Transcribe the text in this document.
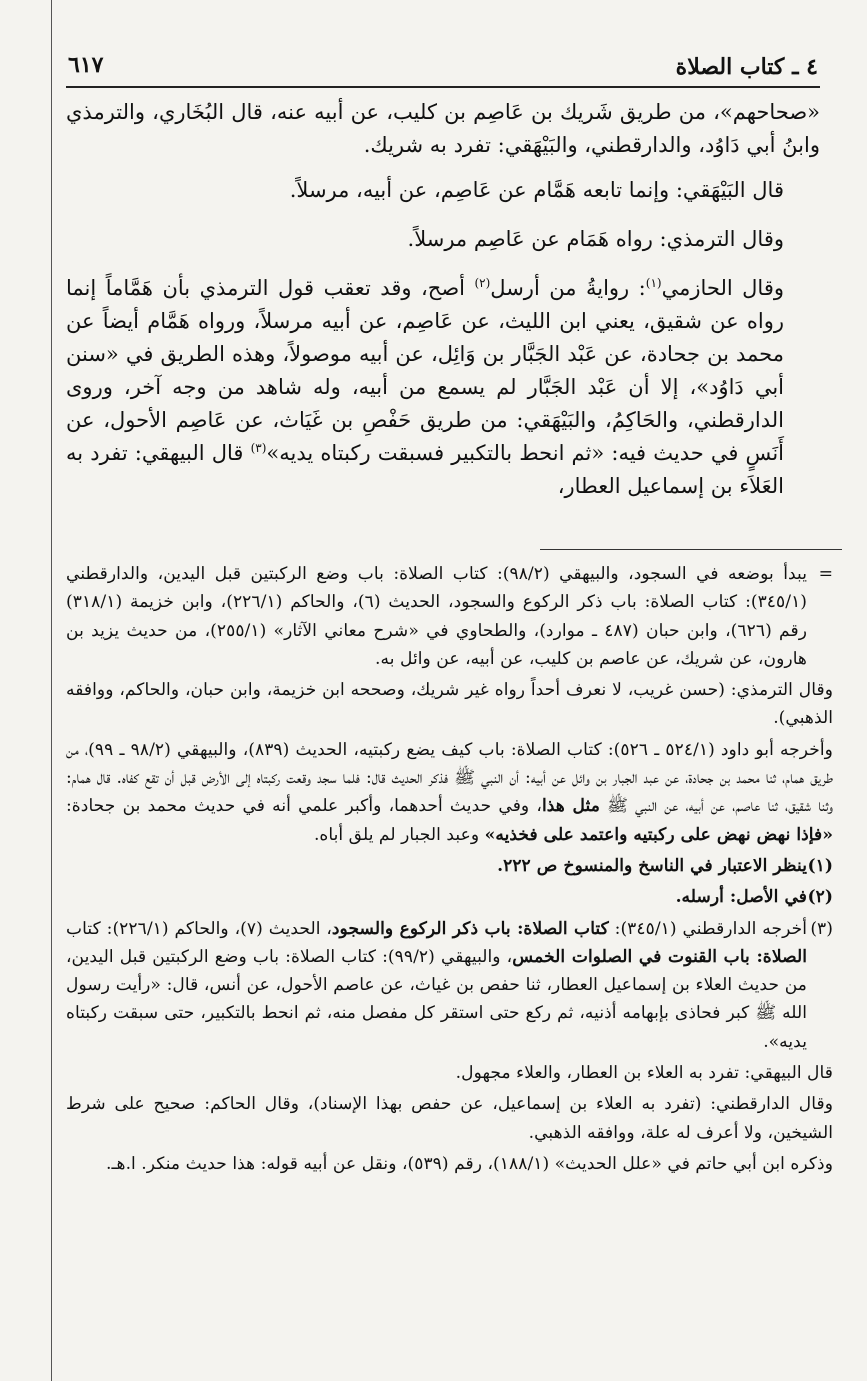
٤ ـ كتاب الصلاة
٦١٧

«صحاحهم»، من طريق شَريك بن عَاصِم بن كليب، عن أبيه عنه، قال البُخَاري، والترمذي وابنُ أبي دَاوُد، والدارقطني، والبَيْهَقي: تفرد به شريك.

قال البَيْهَقي: وإنما تابعه هَمَّام عن عَاصِم، عن أبيه، مرسلاً.

وقال الترمذي: رواه هَمَام عن عَاصِم مرسلاً.

وقال الحازمي$^{(١)}$: روايةُ من أرسل$^{(٢)}$ أصح، وقد تعقب قول الترمذي بأن هَمَّاماً إنما رواه عن شقيق، يعني ابن الليث، عن عَاصِم، عن أبيه مرسلاً، ورواه هَمَّام أيضاً عن محمد بن جحادة، عن عَبْد الجَبَّار بن وَائِل، عن أبيه موصولاً، وهذه الطريق في «سنن أبي دَاوُد»، إلا أن عَبْد الجَبَّار لم يسمع من أبيه، وله شاهد من وجه آخر، وروى الدارقطني، والحَاكِمُ، والبَيْهَقي: من طريق حَفْصِ بن غَيَاث، عن عَاصِم الأحول، عن أَنَسٍ في حديث فيه: «ثم انحط بالتكبير فسبقت ركبتاه يديه»$^{(٣)}$ قال البيهقي: تفرد به العَلاَء بن إسماعيل العطار،

=
يبدأ بوضعه في السجود، والبيهقي (٩٨/٢): كتاب الصلاة: باب وضع الركبتين قبل اليدين، والدارقطني (٣٤٥/١): كتاب الصلاة: باب ذكر الركوع والسجود، الحديث (٦)، والحاكم (٢٢٦/١)، وابن خزيمة (٣١٨/١) رقم (٦٢٦)، وابن حبان (٤٨٧ ـ موارد)، والطحاوي في «شرح معاني الآثار» (٢٥٥/١)، من حديث يزيد بن هارون، عن شريك، عن عاصم بن كليب، عن أبيه، عن وائل به.

وقال الترمذي: (حسن غريب، لا نعرف أحداً رواه غير شريك، وصححه ابن خزيمة، وابن حبان، والحاكم، ووافقه الذهبي).

وأخرجه أبو داود (٥٢٤/١ ـ ٥٢٦): كتاب الصلاة: باب كيف يضع ركبتيه، الحديث (٨٣٩)، والبيهقي (٩٨/٢ ـ ٩٩)، من طريق همام، ثنا محمد بن جحادة، عن عبد الجبار بن وائل عن أبيه: أن النبي ﷺ فذكر الحديث قال: فلما سجد وقعت ركبتاه إلى الأرض قبل أن تقع كفاه. قال همام: وثنا شقيق، ثنا عاصم، عن أبيه، عن النبي ﷺ مثل هذا، وفي حديث أحدهما، وأكبر علمي أنه في حديث محمد بن جحادة: «فإذا نهض نهض على ركبتيه واعتمد على فخذيه» وعبد الجبار لم يلق أباه.

(١)
ينظر الاعتبار في الناسخ والمنسوخ ص ٢٢٢.

(٢)
في الأصل: أرسله.

(٣)
أخرجه الدارقطني (٣٤٥/١): كتاب الصلاة: باب ذكر الركوع والسجود، الحديث (٧)، والحاكم (٢٢٦/١): كتاب الصلاة: باب القنوت في الصلوات الخمس، والبيهقي (٩٩/٢): كتاب الصلاة: باب وضع الركبتين قبل اليدين، من حديث العلاء بن إسماعيل العطار، ثنا حفص بن غياث، عن عاصم الأحول، عن أنس، قال: «رأيت رسول الله ﷺ كبر فحاذى بإبهامه أذنيه، ثم ركع حتى استقر كل مفصل منه، ثم انحط بالتكبير، حتى سبقت ركبتاه يديه».

قال البيهقي: تفرد به العلاء بن العطار، والعلاء مجهول.

وقال الدارقطني: (تفرد به العلاء بن إسماعيل، عن حفص بهذا الإسناد)، وقال الحاكم: صحيح على شرط الشيخين، ولا أعرف له علة، ووافقه الذهبي.

وذكره ابن أبي حاتم في «علل الحديث» (١٨٨/١)، رقم (٥٣٩)، ونقل عن أبيه قوله: هذا حديث منكر. ا.هـ.
